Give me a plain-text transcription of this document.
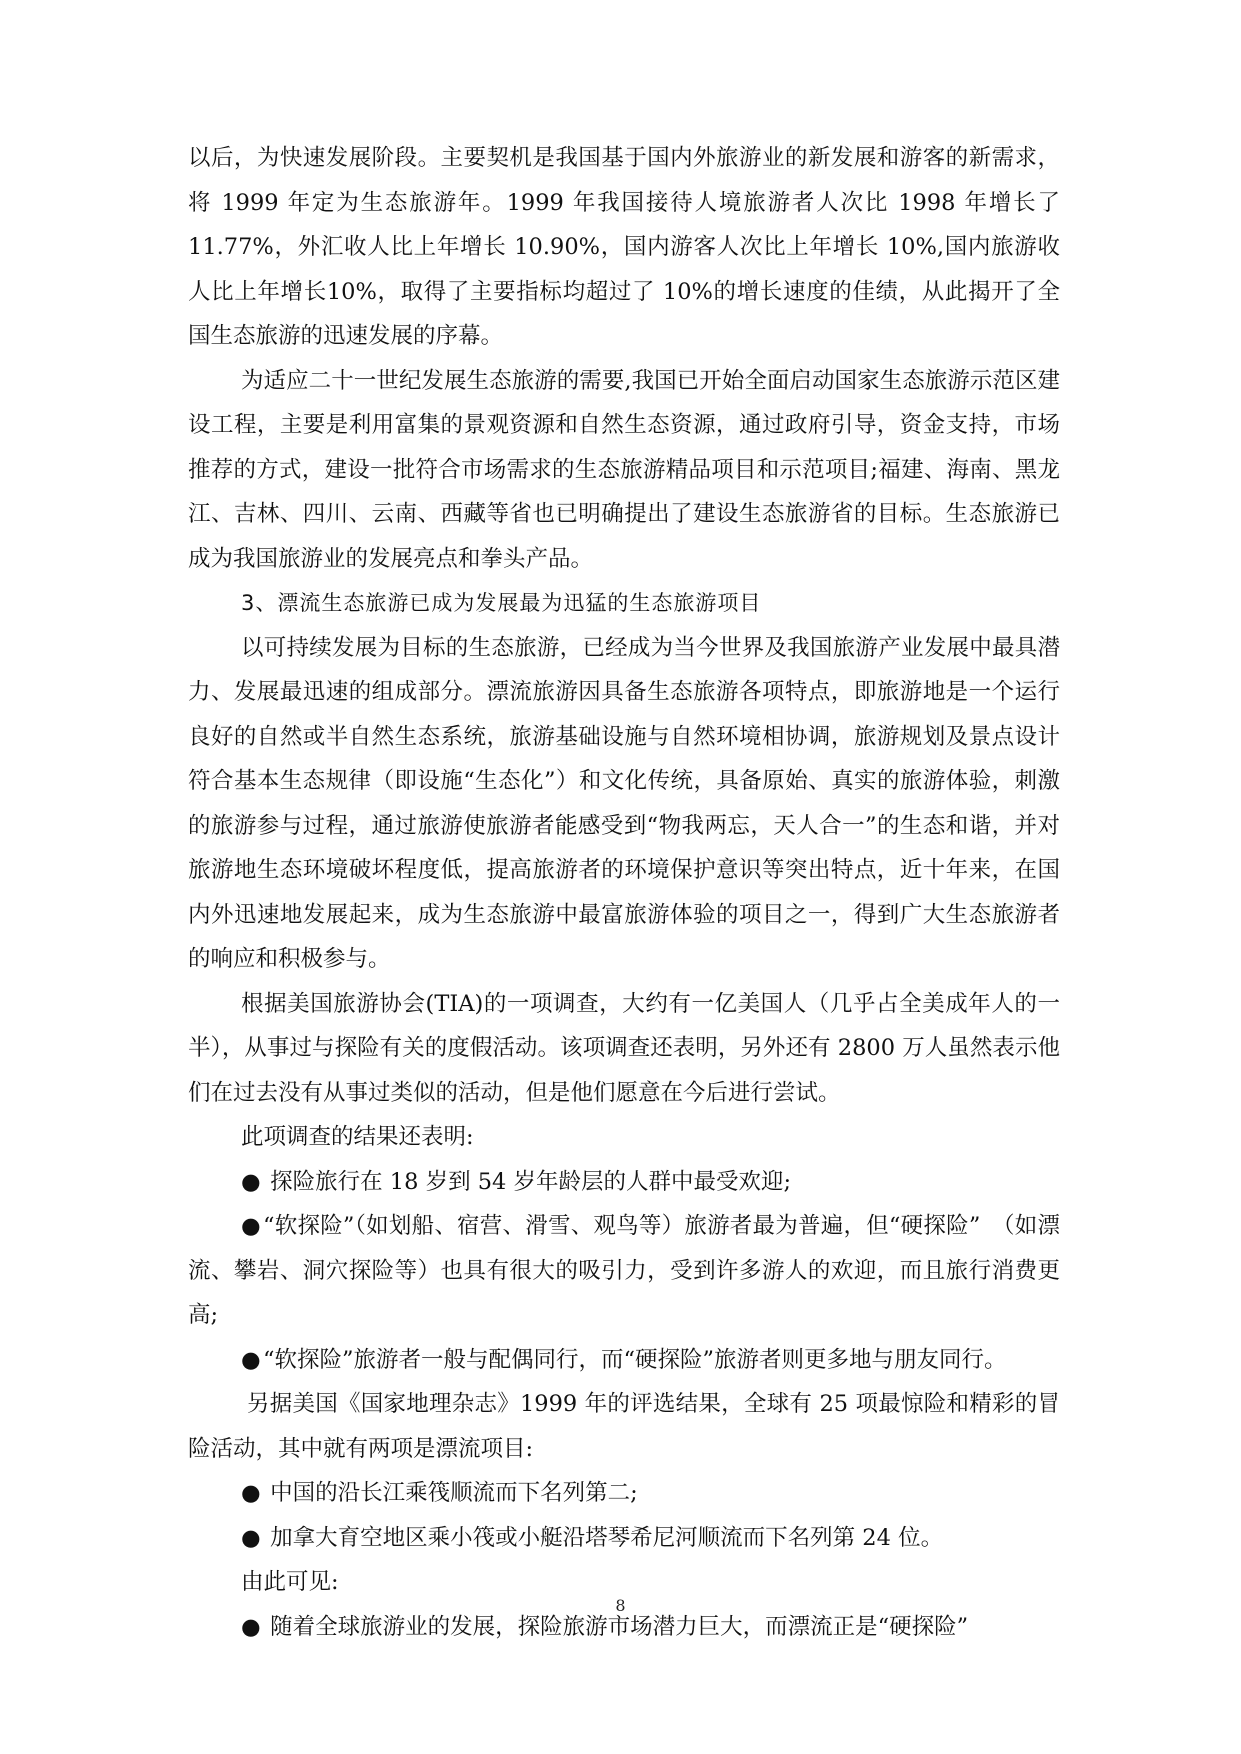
以后，为快速发展阶段。主要契机是我国基于国内外旅游业的新发展和游客的新需求，将 1999 年定为生态旅游年。1999 年我国接待人境旅游者人次比 1998 年增长了 11.77%，外汇收人比上年增长 10.90%，国内游客人次比上年增长 10%,国内旅游收人比上年增长10%，取得了主要指标均超过了 10%的增长速度的佳绩，从此揭开了全国生态旅游的迅速发展的序幕。

为适应二十一世纪发展生态旅游的需要,我国已开始全面启动国家生态旅游示范区建设工程，主要是利用富集的景观资源和自然生态资源，通过政府引导，资金支持，市场推荐的方式，建设一批符合市场需求的生态旅游精品项目和示范项目;福建、海南、黑龙江、吉林、四川、云南、西藏等省也已明确提出了建设生态旅游省的目标。生态旅游已成为我国旅游业的发展亮点和拳头产品。

3、漂流生态旅游已成为发展最为迅猛的生态旅游项目

以可持续发展为目标的生态旅游，已经成为当今世界及我国旅游产业发展中最具潜力、发展最迅速的组成部分。漂流旅游因具备生态旅游各项特点，即旅游地是一个运行良好的自然或半自然生态系统，旅游基础设施与自然环境相协调，旅游规划及景点设计符合基本生态规律（即设施“生态化”）和文化传统，具备原始、真实的旅游体验，刺激的旅游参与过程，通过旅游使旅游者能感受到“物我两忘，天人合一”的生态和谐，并对旅游地生态环境破坏程度低，提高旅游者的环境保护意识等突出特点，近十年来，在国内外迅速地发展起来，成为生态旅游中最富旅游体验的项目之一，得到广大生态旅游者的响应和积极参与。

根据美国旅游协会(TIA)的一项调查，大约有一亿美国人（几乎占全美成年人的一半），从事过与探险有关的度假活动。该项调查还表明，另外还有 2800 万人虽然表示他们在过去没有从事过类似的活动，但是他们愿意在今后进行尝试。

此项调查的结果还表明:

● 探险旅行在 18 岁到 54 岁年龄层的人群中最受欢迎;

● “软探险”（如划船、宿营、滑雪、观鸟等）旅游者最为普遍，但“硬探险”　（如漂流、攀岩、洞穴探险等）也具有很大的吸引力，受到许多游人的欢迎，而且旅行消费更高;

● “软探险”旅游者一般与配偶同行，而“硬探险”旅游者则更多地与朋友同行。

另据美国《国家地理杂志》1999 年的评选结果，全球有 25 项最惊险和精彩的冒险活动，其中就有两项是漂流项目:

● 中国的沿长江乘筏顺流而下名列第二;

● 加拿大育空地区乘小筏或小艇沿塔琴希尼河顺流而下名列第 24 位。

由此可见:

● 随着全球旅游业的发展，探险旅游市场潜力巨大，而漂流正是“硬探险”

8
